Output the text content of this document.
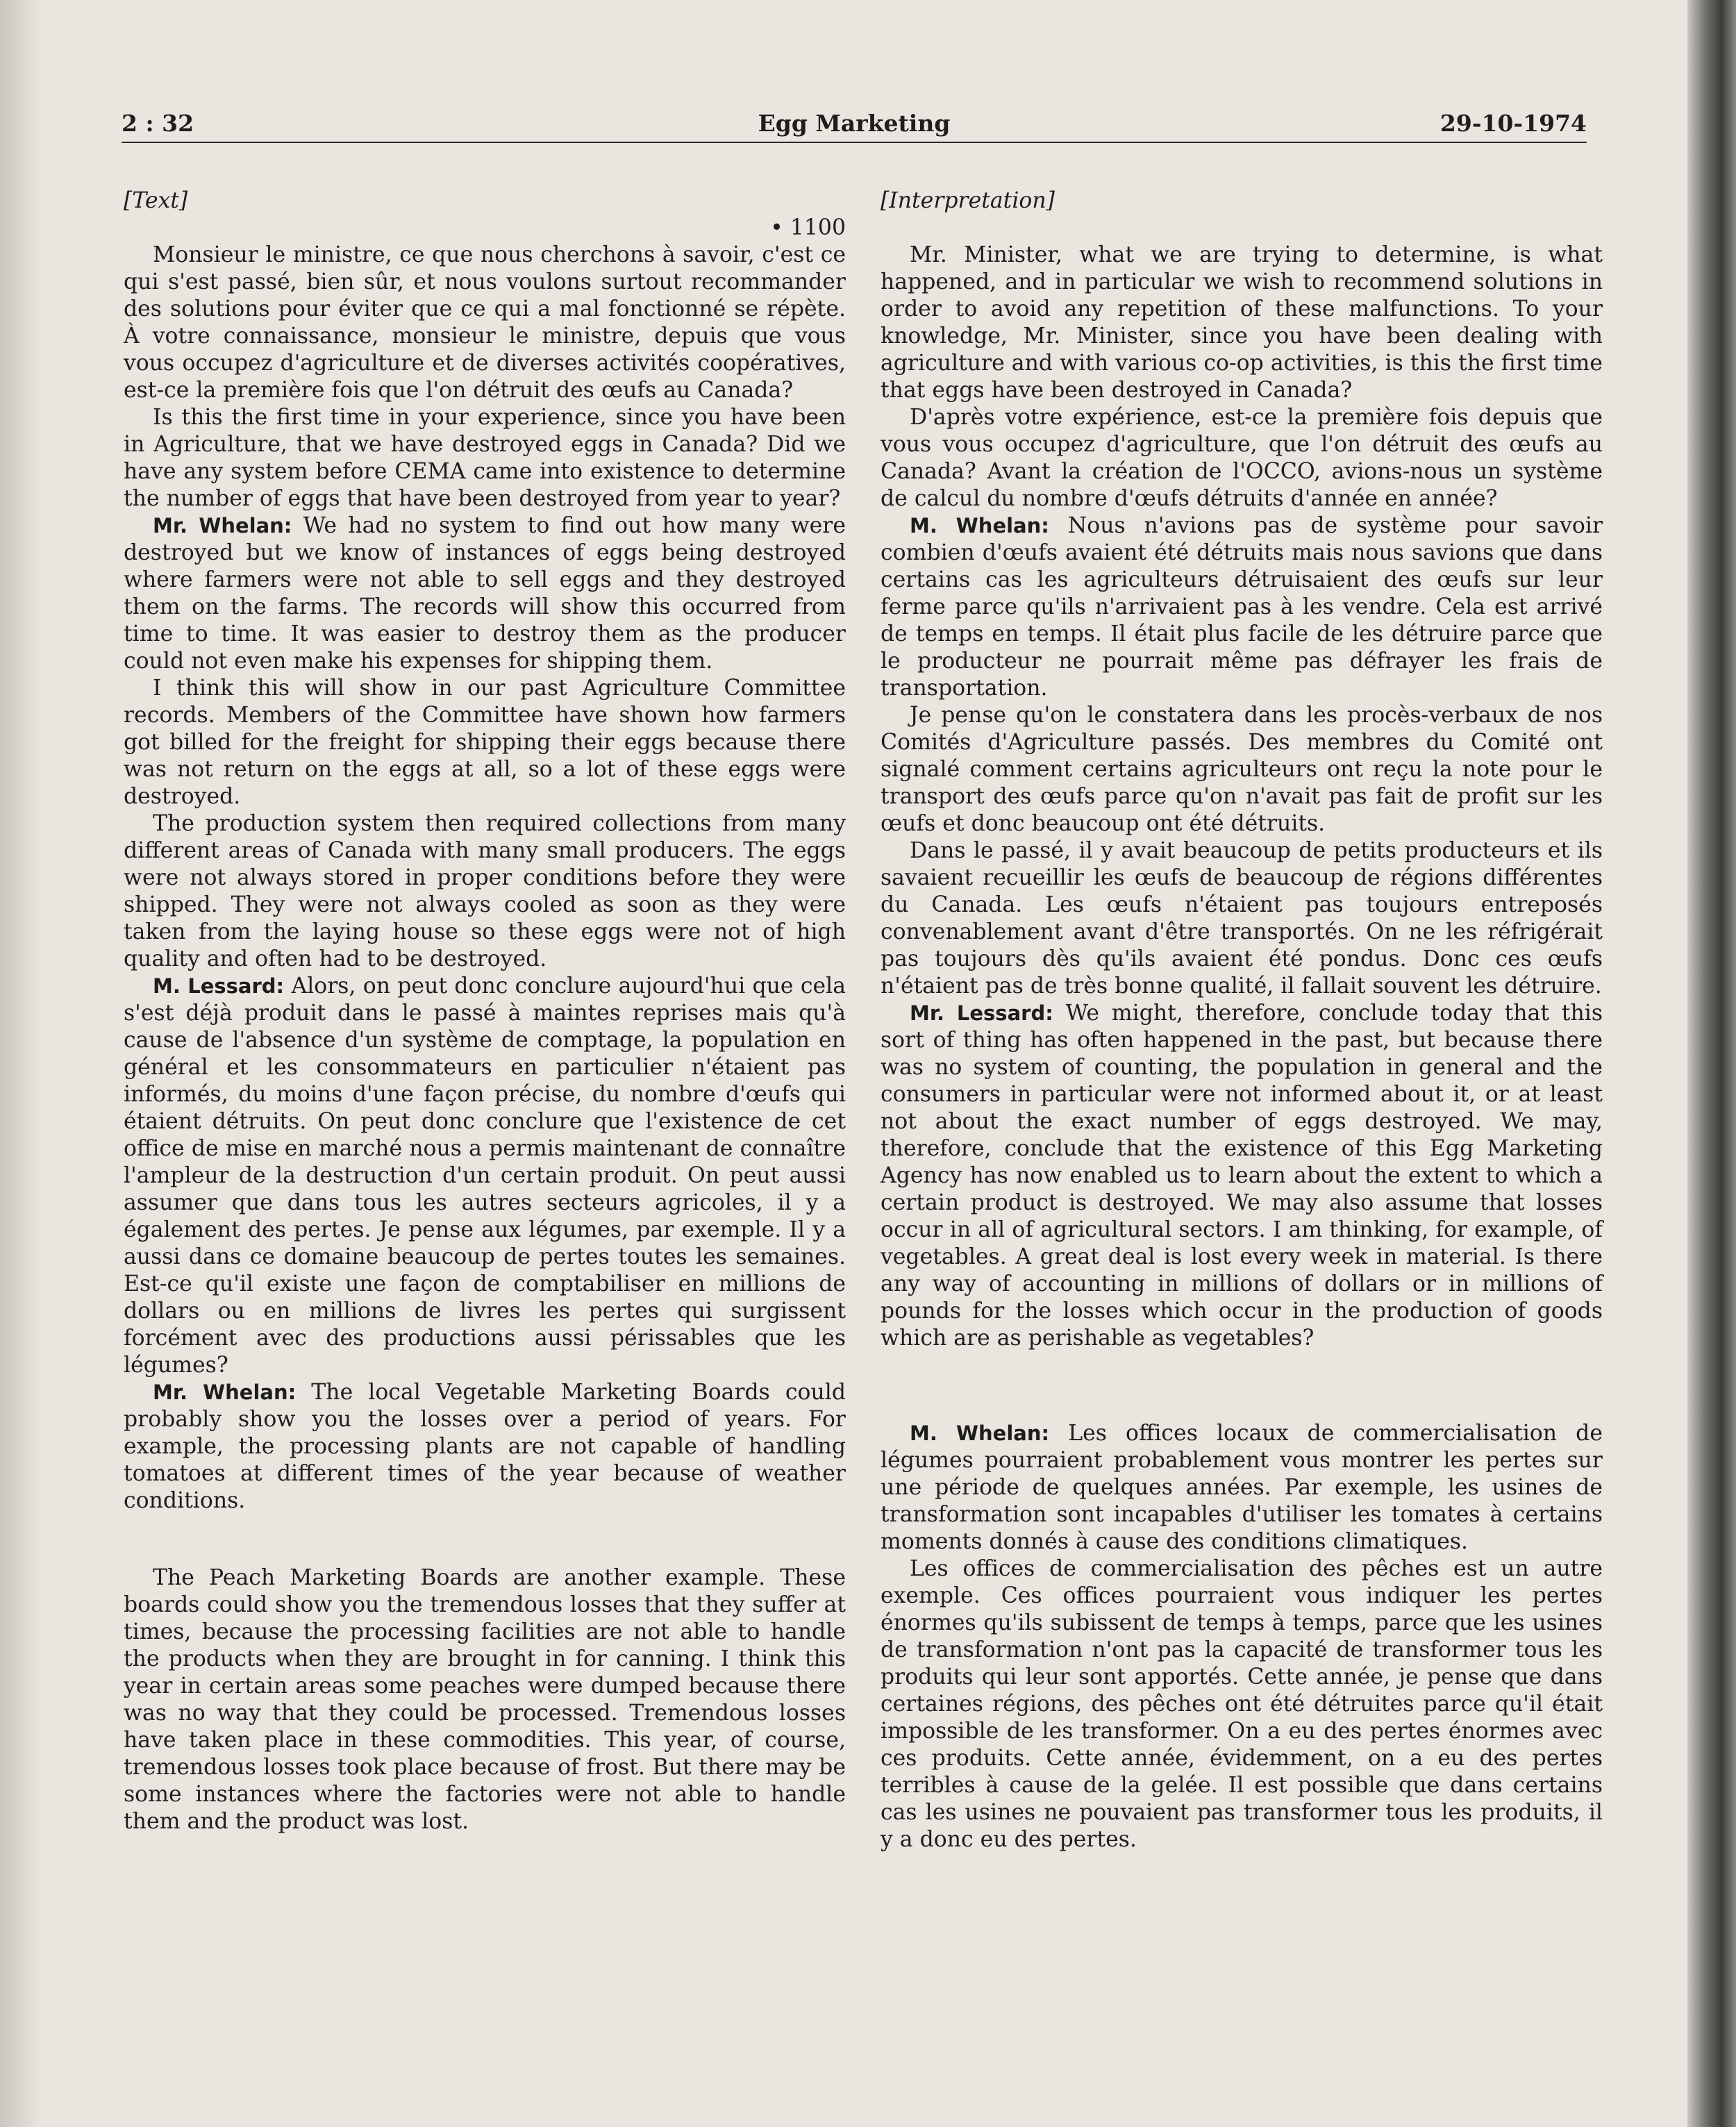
2 : 32	Egg Marketing	29-10-1974

[Text]

• 1100

Monsieur le ministre, ce que nous cherchons à savoir, c'est ce qui s'est passé, bien sûr, et nous voulons surtout recommander des solutions pour éviter que ce qui a mal fonctionné se répète. À votre connaissance, monsieur le ministre, depuis que vous vous occupez d'agriculture et de diverses activités coopératives, est-ce la première fois que l'on détruit des œufs au Canada?

Is this the first time in your experience, since you have been in Agriculture, that we have destroyed eggs in Canada? Did we have any system before CEMA came into existence to determine the number of eggs that have been destroyed from year to year?

Mr. Whelan: We had no system to find out how many were destroyed but we know of instances of eggs being destroyed where farmers were not able to sell eggs and they destroyed them on the farms. The records will show this occurred from time to time. It was easier to destroy them as the producer could not even make his expenses for shipping them.

I think this will show in our past Agriculture Committee records. Members of the Committee have shown how farmers got billed for the freight for shipping their eggs because there was not return on the eggs at all, so a lot of these eggs were destroyed.

The production system then required collections from many different areas of Canada with many small producers. The eggs were not always stored in proper conditions before they were shipped. They were not always cooled as soon as they were taken from the laying house so these eggs were not of high quality and often had to be destroyed.

M. Lessard: Alors, on peut donc conclure aujourd'hui que cela s'est déjà produit dans le passé à maintes reprises mais qu'à cause de l'absence d'un système de comptage, la population en général et les consommateurs en particulier n'étaient pas informés, du moins d'une façon précise, du nombre d'œufs qui étaient détruits. On peut donc conclure que l'existence de cet office de mise en marché nous a permis maintenant de connaître l'ampleur de la destruction d'un certain produit. On peut aussi assumer que dans tous les autres secteurs agricoles, il y a également des pertes. Je pense aux légumes, par exemple. Il y a aussi dans ce domaine beaucoup de pertes toutes les semaines. Est-ce qu'il existe une façon de comptabiliser en millions de dollars ou en millions de livres les pertes qui surgissent forcément avec des productions aussi périssables que les légumes?

Mr. Whelan: The local Vegetable Marketing Boards could probably show you the losses over a period of years. For example, the processing plants are not capable of handling tomatoes at different times of the year because of weather conditions.

The Peach Marketing Boards are another example. These boards could show you the tremendous losses that they suffer at times, because the processing facilities are not able to handle the products when they are brought in for canning. I think this year in certain areas some peaches were dumped because there was no way that they could be processed. Tremendous losses have taken place in these commodities. This year, of course, tremendous losses took place because of frost. But there may be some instances where the factories were not able to handle them and the product was lost.

[Interpretation]

Mr. Minister, what we are trying to determine, is what happened, and in particular we wish to recommend solutions in order to avoid any repetition of these malfunctions. To your knowledge, Mr. Minister, since you have been dealing with agriculture and with various co-op activities, is this the first time that eggs have been destroyed in Canada?

D'après votre expérience, est-ce la première fois depuis que vous vous occupez d'agriculture, que l'on détruit des œufs au Canada? Avant la création de l'OCCO, avions-nous un système de calcul du nombre d'œufs détruits d'année en année?

M. Whelan: Nous n'avions pas de système pour savoir combien d'œufs avaient été détruits mais nous savions que dans certains cas les agriculteurs détruisaient des œufs sur leur ferme parce qu'ils n'arrivaient pas à les vendre. Cela est arrivé de temps en temps. Il était plus facile de les détruire parce que le producteur ne pourrait même pas défrayer les frais de transportation.

Je pense qu'on le constatera dans les procès-verbaux de nos Comités d'Agriculture passés. Des membres du Comité ont signalé comment certains agriculteurs ont reçu la note pour le transport des œufs parce qu'on n'avait pas fait de profit sur les œufs et donc beaucoup ont été détruits.

Dans le passé, il y avait beaucoup de petits producteurs et ils savaient recueillir les œufs de beaucoup de régions différentes du Canada. Les œufs n'étaient pas toujours entreposés convenablement avant d'être transportés. On ne les réfrigérait pas toujours dès qu'ils avaient été pondus. Donc ces œufs n'étaient pas de très bonne qualité, il fallait souvent les détruire.

Mr. Lessard: We might, therefore, conclude today that this sort of thing has often happened in the past, but because there was no system of counting, the population in general and the consumers in particular were not informed about it, or at least not about the exact number of eggs destroyed. We may, therefore, conclude that the existence of this Egg Marketing Agency has now enabled us to learn about the extent to which a certain product is destroyed. We may also assume that losses occur in all of agricultural sectors. I am thinking, for example, of vegetables. A great deal is lost every week in material. Is there any way of accounting in millions of dollars or in millions of pounds for the losses which occur in the production of goods which are as perishable as vegetables?

M. Whelan: Les offices locaux de commercialisation de légumes pourraient probablement vous montrer les pertes sur une période de quelques années. Par exemple, les usines de transformation sont incapables d'utiliser les tomates à certains moments donnés à cause des conditions climatiques.

Les offices de commercialisation des pêches est un autre exemple. Ces offices pourraient vous indiquer les pertes énormes qu'ils subissent de temps à temps, parce que les usines de transformation n'ont pas la capacité de transformer tous les produits qui leur sont apportés. Cette année, je pense que dans certaines régions, des pêches ont été détruites parce qu'il était impossible de les transformer. On a eu des pertes énormes avec ces produits. Cette année, évidemment, on a eu des pertes terribles à cause de la gelée. Il est possible que dans certains cas les usines ne pouvaient pas transformer tous les produits, il y a donc eu des pertes.
